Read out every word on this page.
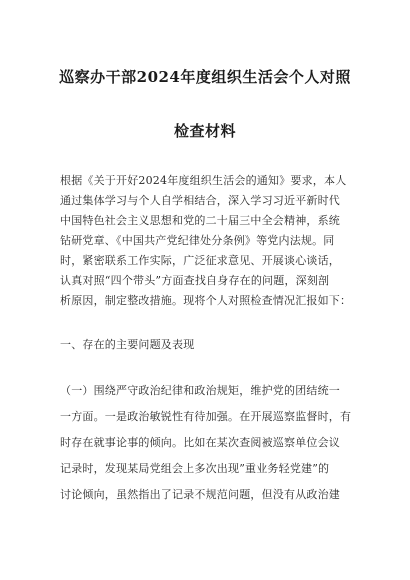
巡察办干部2024年度组织生活会个人对照
检查材料
根据《关于开好2024年度组织生活会的通知》要求，本人
通过集体学习与个人自学相结合，深入学习习近平新时代
中国特色社会主义思想和党的二十届三中全会精神，系统
钻研党章、《中国共产党纪律处分条例》等党内法规。同
时，紧密联系工作实际，广泛征求意见、开展谈心谈话，
认真对照“四个带头”方面查找自身存在的问题，深刻剖
析原因，制定整改措施。现将个人对照检查情况汇报如下：
一、存在的主要问题及表现
（一）围绕严守政治纪律和政治规矩，维护党的团结统一
一方面。一是政治敏锐性有待加强。在开展巡察监督时，有
时存在就事论事的倾向。比如在某次查阅被巡察单位会议
记录时，发现某局党组会上多次出现”重业务轻党建”的
讨论倾向，虽然指出了记录不规范问题，但没有从政治建
